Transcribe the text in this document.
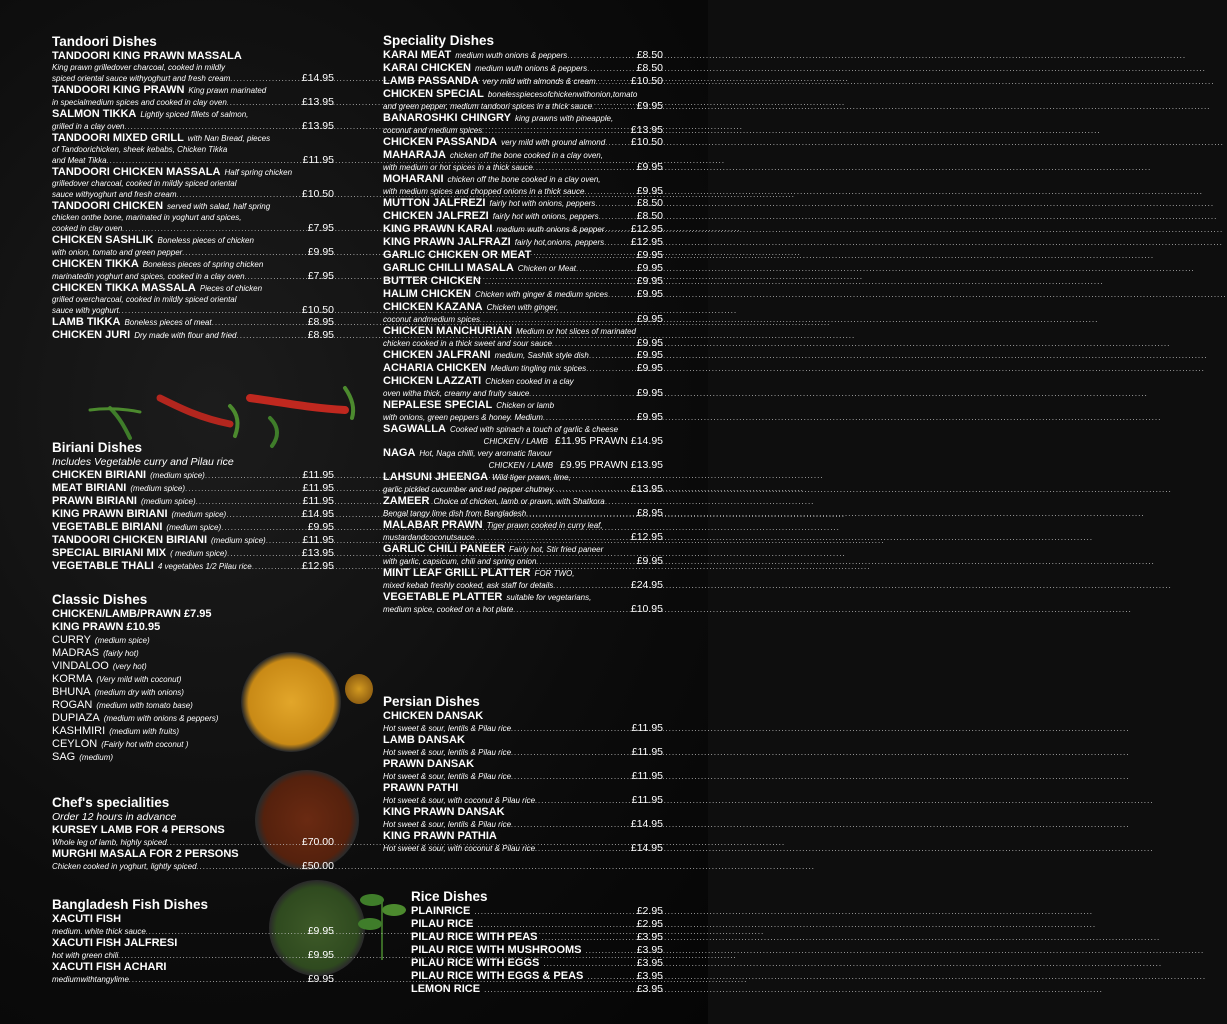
Tandoori Dishes
TANDOORI KING PRAWN MASSALA
King prawn grilledover charcoal, cooked in mildly
spiced oriental sauce withyoghurt and fresh cream .....	£14.95
TANDOORI KING PRAWN King prawn marinated
in specialmedium spices and cooked in clay oven .....	£13.95
SALMON TIKKA Lightly spiced fillets of salmon,
grilled in a clay oven .....	£13.95
TANDOORI MIXED GRILL with Nan Bread, pieces
of Tandoorichicken, sheek kebabs, Chicken Tikka
and Meat Tikka .....	£11.95
TANDOORI CHICKEN MASSALA Half spring chicken
grilledover charcoal, cooked in mildly spiced oriental
sauce withyoghurt and fresh cream .....	£10.50
TANDOORI CHICKEN served with salad, half spring
chicken onthe bone, marinated in yoghurt and spices,
cooked in clay oven .....	£7.95
CHICKEN SASHLIK Boneless pieces of chicken
with onion, tomato and green pepper .....	£9.95
CHICKEN TIKKA Boneless pieces of spring chicken
marinatedin yoghurt and spices, cooked in a clay oven .....	£7.95
CHICKEN TIKKA MASSALA Pieces of chicken
grilled overcharcoal, cooked in mildly spiced oriental
sauce with yoghurt .....	£10.50
LAMB TIKKA Boneless pieces of meat .....	£8.95
CHICKEN JURI Dry made with flour and fried .....	£8.95
Biriani Dishes
Includes Vegetable curry and Pilau rice
CHICKEN BIRIANI (medium spice) .....	£11.95
MEAT BIRIANI (medium spice) .....	£11.95
PRAWN BIRIANI (medium spice) .....	£11.95
KING PRAWN BIRIANI (medium spice) .....	£14.95
VEGETABLE BIRIANI (medium spice) .....	£9.95
TANDOORI CHICKEN BIRIANI (medium spice) .....	£11.95
SPECIAL BIRIANI MIX ( medium spice) .....	£13.95
VEGETABLE THALI 4 vegetables 1/2 Pilau rice .....	£12.95
Classic Dishes
CHICKEN/LAMB/PRAWN £7.95
KING PRAWN £10.95
CURRY (medium spice)
MADRAS (fairly hot)
VINDALOO (very hot)
KORMA (Very mild with coconut)
BHUNA (medium dry with onions)
ROGAN (medium with tomato base)
DUPIAZA (medium with onions & peppers)
KASHMIRI (medium with fruits)
CEYLON (Fairly hot with coconut )
SAG (medium)
Chef's specialities
Order 12 hours in advance
KURSEY LAMB FOR 4 PERSONS
Whole leg of lamb, highly spiced .....	£70.00
MURGHI MASALA FOR 2 PERSONS
Chicken cooked in yoghurt, lightly spiced .....	£50.00
Bangladesh Fish Dishes
XACUTI FISH
medium. white thick sauce .....	£9.95
XACUTI FISH JALFRESI
hot with green chili .....	£9.95
XACUTI FISH ACHARI
mediumwithtangylime .....	£9.95
Speciality Dishes
KARAI MEAT medium wuth onions & peppers .....	£8.50
KARAI CHICKEN medium wuth onions & peppers .....	£8.50
LAMB PASSANDA very mild with almonds & cream .....	£10.50
CHICKEN SPECIAL bonelesspiecesofchickenwithonion,tomato
and green pepper, medium tandoori spices in a thick sauce .....	£9.95
BANAROSHKI CHINGRY king prawns with pineapple,
coconut and medium spices .....	£13.95
CHICKEN PASSANDA very mild with ground almond ..... £10.50
MAHARAJA chicken off the bone cooked in a clay oven,
with medium or hot spices in a thick sauce .....	£9.95
MOHARANI chicken off the bone cooked in a clay oven,
with medium spices and chopped onions in a thick sauce .....	£9.95
MUTTON JALFREZI fairly hot with onions, peppers .....	£8.50
CHICKEN JALFREZI fairly hot with onions, peppers .....	£8.50
KING PRAWN KARAI medium wuth onions & pepper .....	£12.95
KING PRAWN JALFRAZI fairly hot,onions, peppers .....	£12.95
GARLIC CHICKEN OR MEAT .....	£9.95
GARLIC CHILLI MASALA Chicken or Meat .....	£9.95
BUTTER CHICKEN .....	£9.95
HALIM CHICKEN Chicken with ginger & medium spices .....	£9.95
CHICKEN KAZANA Chicken with ginger,
coconut andmedium spices .....	£9.95
CHICKEN MANCHURIAN Medium or hot slices of marinated
chicken cooked in a thick sweet and sour sauce .....	£9.95
CHICKEN JALFRANI medium, Sashlik style dish .....	£9.95
ACHARIA CHICKEN Medium tingling mix spices .....	£9.95
CHICKEN LAZZATI Chicken cooked in a clay
oven witha thick, creamy and fruity sauce .....	£9.95
NEPALESE SPECIAL Chicken or lamb
with onions, green peppers & honey. Medium .....	£9.95
SAGWALLA Cooked with spinach a touch of garlic & cheese
CHICKEN / LAMB £11.95 PRAWN £14.95
NAGA Hot, Naga chilli, very aromatic flavour
CHICKEN / LAMB £9.95 PRAWN £13.95
LAHSUNI JHEENGA Wild tiger prawn, lime,
garlic pickled cucumber and red pepper chutney .....	£13.95
ZAMEER Choice of chicken, lamb or prawn, with Shatkora
Bengal tangy lime dish from Bangladesh .....	£8.95
MALABAR PRAWN Tiger prawn cooked in curry leaf,
mustardandcoconutsauce .....	£12.95
GARLIC CHILI PANEER Fairly hot, Stir fried paneer
with garlic, capsicum, chili and spring onion .....	£9.95
MINT LEAF GRILL PLATTER FOR TWO,
mixed kebab freshly cooked, ask staff for details .....	£24.95
VEGETABLE PLATTER suitable for vegetarians,
medium spice, cooked on a hot plate .....	£10.95
Persian Dishes
CHICKEN DANSAK
Hot sweet & sour, lentils & Pilau rice .....	£11.95
LAMB DANSAK
Hot sweet & sour, lentils & Pilau rice .....	£11.95
PRAWN DANSAK
Hot sweet & sour, lentils & Pilau rice .....	£11.95
PRAWN PATHI
Hot sweet & sour, with coconut & Pilau rice .....	£11.95
KING PRAWN DANSAK
Hot sweet & sour, lentils & Pilau rice .....	£14.95
KING PRAWN PATHIA
Hot sweet & sour, with coconut & Pilau rice .....	£14.95
Rice Dishes
PLAINRICE .....	£2.95
PILAU RICE .....	£2.95
PILAU RICE WITH PEAS .....	£3.95
PILAU RICE WITH MUSHROOMS .....	£3.95
PILAU RICE WITH EGGS .....	£3.95
PILAU RICE WITH EGGS & PEAS .....	£3.95
LEMON RICE .....	£3.95
